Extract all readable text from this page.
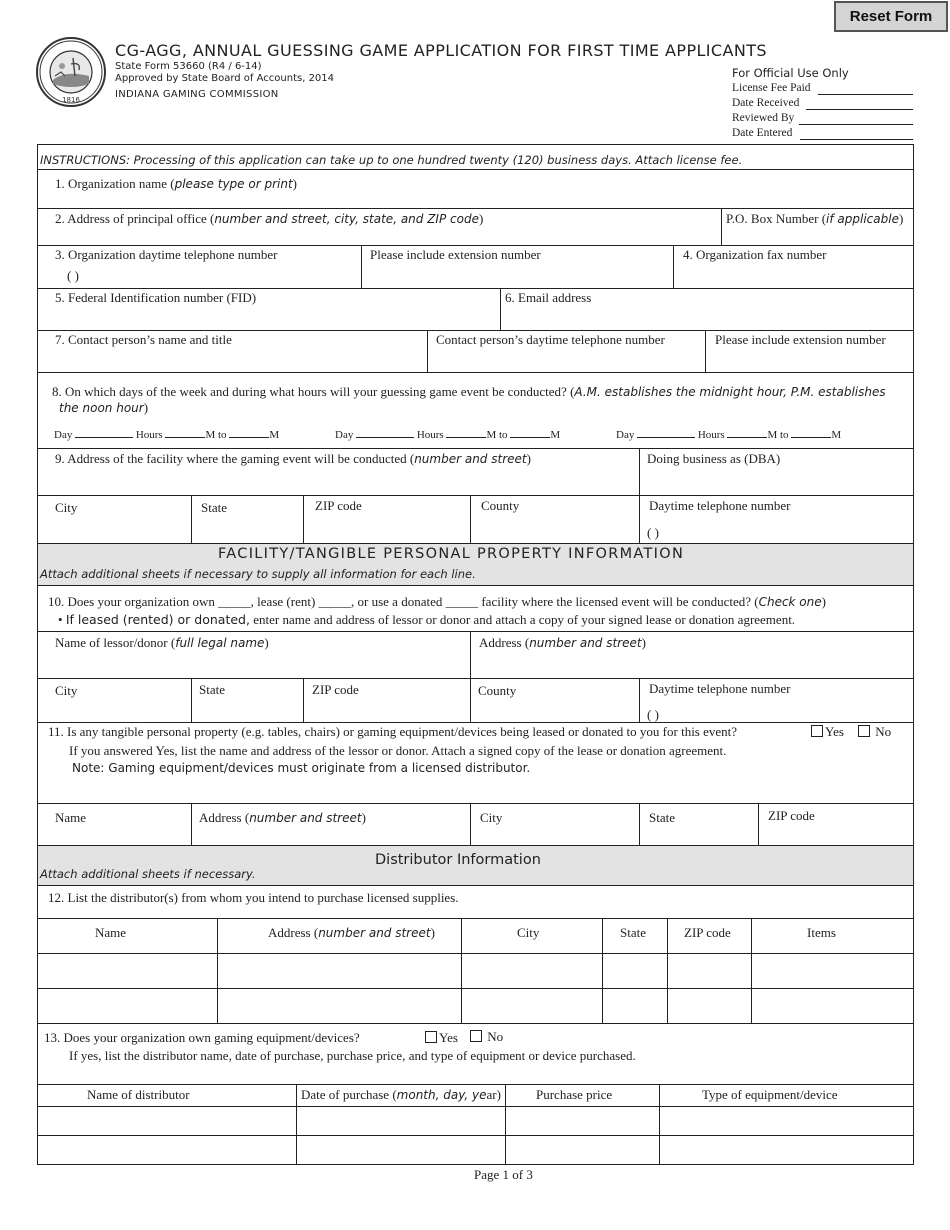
Reset Form
1816
CG-AGG, ANNUAL GUESSING GAME APPLICATION FOR FIRST TIME APPLICANTS
State Form 53660 (R4 / 6-14)
Approved by State Board of Accounts, 2014
INDIANA GAMING COMMISSION
For Official Use Only
License Fee Paid
Date Received
Reviewed By
Date Entered
INSTRUCTIONS: Processing of this application can take up to one hundred twenty (120) business days. Attach license fee.
1. Organization name (please type or print)
2. Address of principal office (number and street, city, state, and ZIP code)	P.O. Box Number (if applicable)
3. Organization daytime telephone number
( )
Please include extension number	4. Organization fax number
5. Federal Identification number (FID)	6. Email address
7. Contact person’s name and title	Contact person’s daytime telephone number	Please include extension number
8. On which days of the week and during what hours will your guessing game event be conducted? (A.M. establishes the midnight hour, P.M. establishes
the noon hour)
Day	Hours	M to	M	Day	Hours	M to	M	Day	Hours	M to	M
9. Address of the facility where the gaming event will be conducted (number and street)	Doing business as (DBA)
City	State	ZIP code	County	Daytime telephone number
( )
FACILITY/TANGIBLE PERSONAL PROPERTY INFORMATION
Attach additional sheets if necessary to supply all information for each line.
10. Does your organization own _____, lease (rent) _____, or use a donated _____ facility where the licensed event will be conducted? (Check one)
• If leased (rented) or donated, enter name and address of lessor or donor and attach a copy of your signed lease or donation agreement.
Name of lessor/donor (full legal name)	Address (number and street)
City	State	ZIP code	County	Daytime telephone number
( )
11. Is any tangible personal property (e.g. tables, chairs) or gaming equipment/devices being leased or donated to you for this event?	Yes	No
If you answered Yes, list the name and address of the lessor or donor. Attach a signed copy of the lease or donation agreement.
Note: Gaming equipment/devices must originate from a licensed distributor.
Name	Address (number and street)	City	State	ZIP code
Distributor Information
Attach additional sheets if necessary.
12. List the distributor(s) from whom you intend to purchase licensed supplies.
Name	Address (number and street)	City	State	ZIP code	Items
13. Does your organization own gaming equipment/devices?	Yes	No
If yes, list the distributor name, date of purchase, purchase price, and type of equipment or device purchased.
Name of distributor	Date of purchase (month, day, year)	Purchase price	Type of equipment/device
Page 1 of 3
